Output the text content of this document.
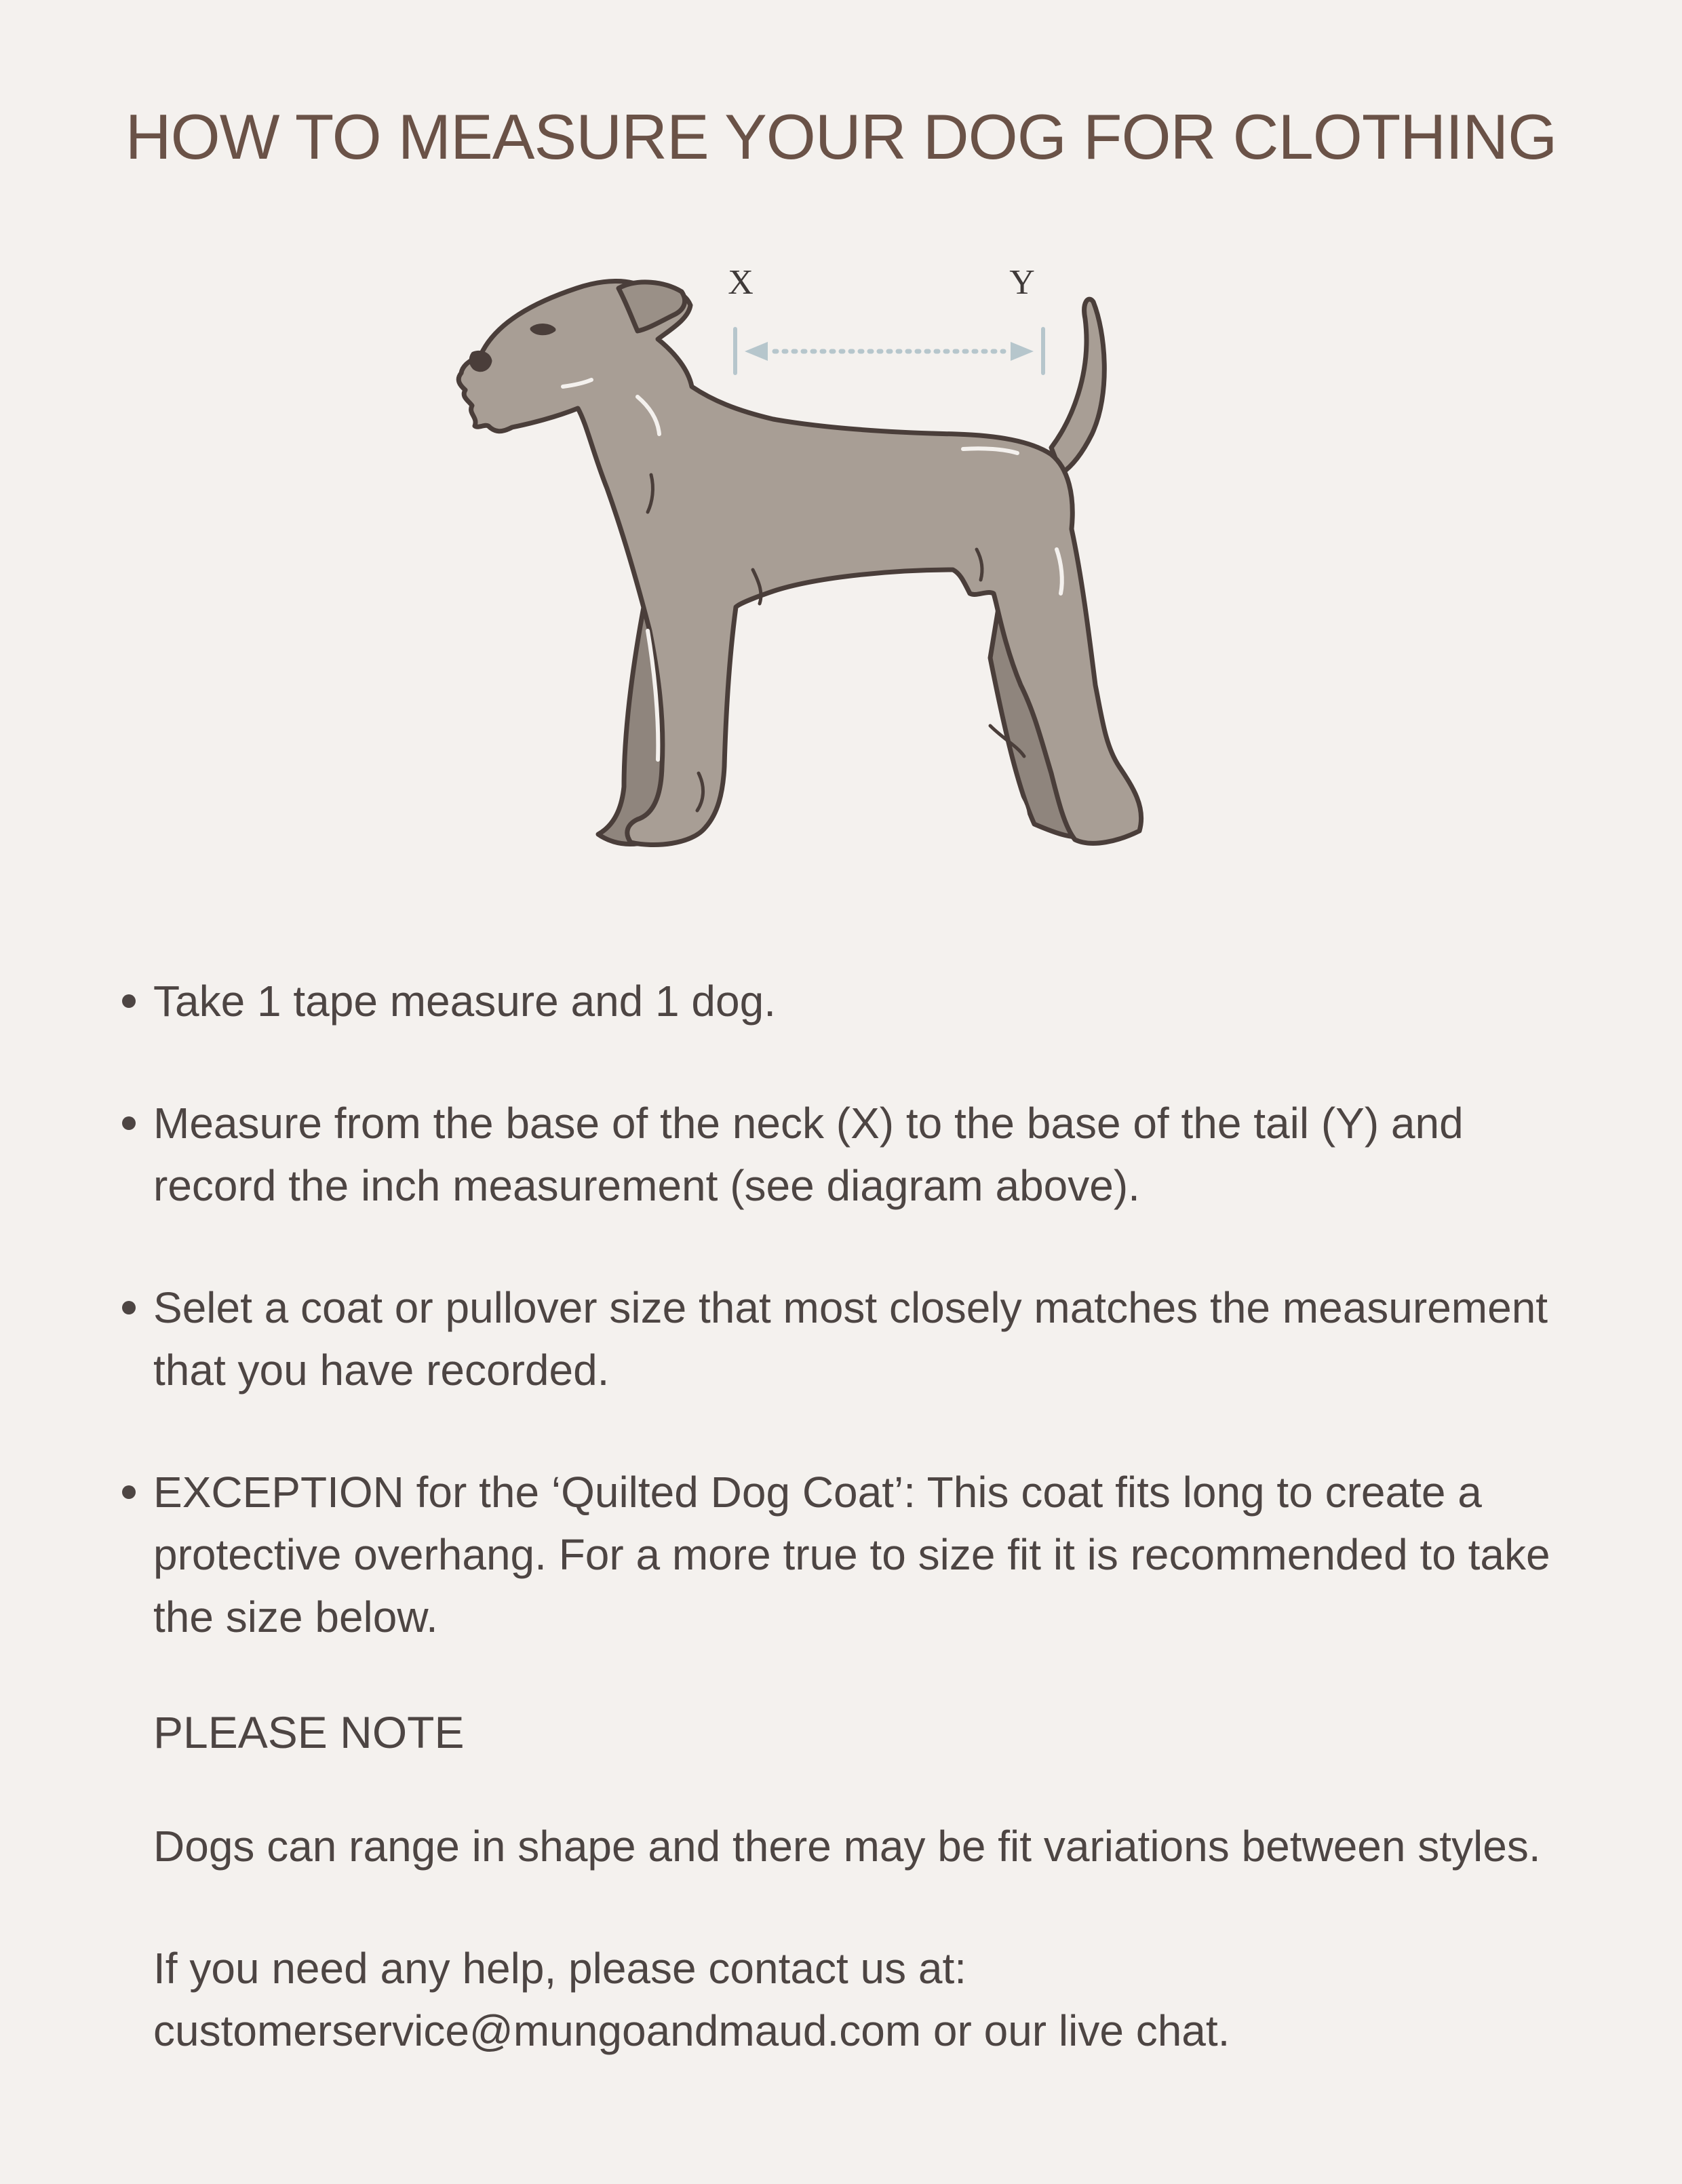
HOW TO MEASURE YOUR DOG FOR CLOTHING
X	Y
Take 1 tape measure and 1 dog.
Measure from the base of the neck (X) to the base of the tail (Y) and record the inch measurement (see diagram above).
Selet a coat or pullover size that most closely matches the measurement that you have recorded.
EXCEPTION for the ‘Quilted Dog Coat’: This coat fits long to create a protective overhang. For a more true to size fit it is recommended to take the size below.
PLEASE NOTE
Dogs can range in shape and there may be fit variations between styles.
If you need any help, please contact us at:
customerservice@mungoandmaud.com or our live chat.
